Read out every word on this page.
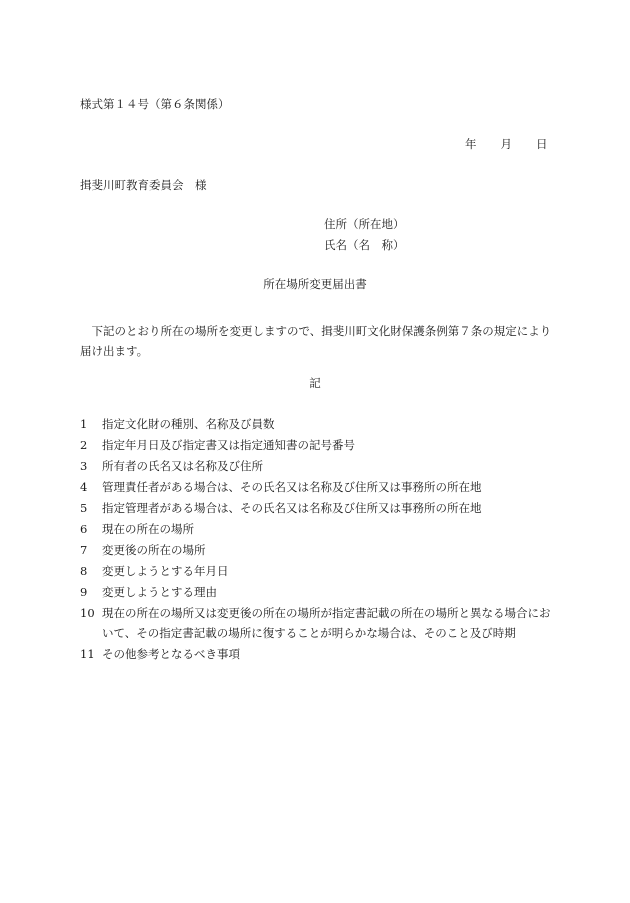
様式第１４号（第６条関係）
年 月 日
揖斐川町教育委員会　様
住所（所在地）
氏名（名　称）
所在場所変更届出書
下記のとおり所在の場所を変更しますので、揖斐川町文化財保護条例第７条の規定により届け出ます。
記
1	指定文化財の種別、名称及び員数
2	指定年月日及び指定書又は指定通知書の記号番号
3	所有者の氏名又は名称及び住所
4	管理責任者がある場合は、その氏名又は名称及び住所又は事務所の所在地
5	指定管理者がある場合は、その氏名又は名称及び住所又は事務所の所在地
6	現在の所在の場所
7	変更後の所在の場所
8	変更しようとする年月日
9	変更しようとする理由
10 現在の所在の場所又は変更後の所在の場所が指定書記載の所在の場所と異なる場合において、その指定書記載の場所に復することが明らかな場合は、そのこと及び時期
11 その他参考となるべき事項
